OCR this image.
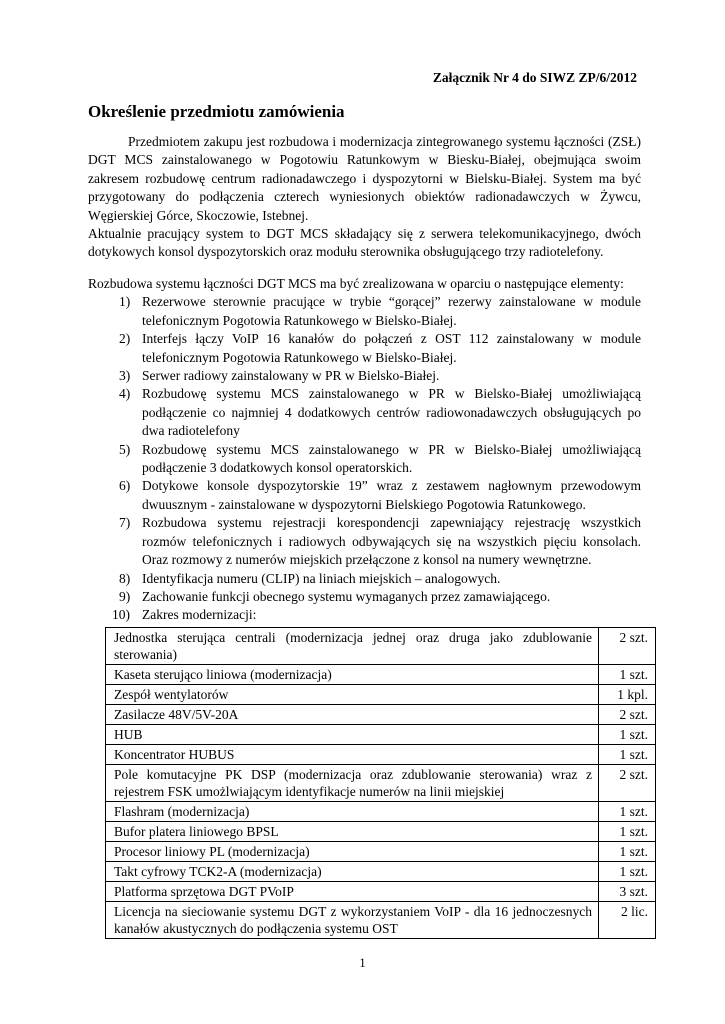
Załącznik Nr 4 do SIWZ ZP/6/2012
Określenie przedmiotu zamówienia
Przedmiotem zakupu jest rozbudowa i modernizacja zintegrowanego systemu łączności (ZSŁ) DGT MCS zainstalowanego w Pogotowiu Ratunkowym w Biesku-Białej, obejmująca swoim zakresem rozbudowę centrum radionadawczego i dyspozytorni w Bielsku-Białej. System ma być przygotowany do podłączenia czterech wyniesionych obiektów radionadawczych w Żywcu, Węgierskiej Górce, Skoczowie, Istebnej.
Aktualnie pracujący system to DGT MCS składający się z serwera telekomunikacyjnego, dwóch dotykowych konsol dyspozytorskich oraz modułu sterownika obsługującego trzy radiotelefony.
Rozbudowa systemu łączności DGT MCS ma być zrealizowana w oparciu o następujące elementy:
1) Rezerwowe sterownie pracujące w trybie “gorącej” rezerwy zainstalowane w module telefonicznym Pogotowia Ratunkowego w Bielsko-Białej.
2) Interfejs łączy VoIP 16 kanałów do połączeń z OST 112 zainstalowany w module telefonicznym Pogotowia Ratunkowego w Bielsko-Białej.
3) Serwer radiowy zainstalowany w PR w Bielsko-Białej.
4) Rozbudowę systemu MCS zainstalowanego w PR w Bielsko-Białej umożliwiającą podłączenie co najmniej 4 dodatkowych centrów radiowonadawczych obsługujących po dwa radiotelefony
5) Rozbudowę systemu MCS zainstalowanego w PR w Bielsko-Białej umożliwiającą podłączenie 3 dodatkowych konsol operatorskich.
6) Dotykowe konsole dyspozytorskie 19” wraz z zestawem nagłownym przewodowym dwuusznym - zainstalowane w dyspozytorni Bielskiego Pogotowia Ratunkowego.
7) Rozbudowa systemu rejestracji korespondencji zapewniający rejestrację wszystkich rozmów telefonicznych i radiowych odbywających się na wszystkich pięciu konsolach. Oraz rozmowy z numerów miejskich przełączone z konsol na numery wewnętrzne.
8) Identyfikacja numeru (CLIP) na liniach miejskich – analogowych.
9) Zachowanie funkcji obecnego systemu wymaganych przez zamawiającego.
10) Zakres modernizacji:
Jednostka sterująca centrali (modernizacja jednej oraz druga jako zdublowanie sterowania)	2 szt.
Kaseta sterująco liniowa (modernizacja)	1 szt.
Zespół wentylatorów	1 kpl.
Zasilacze 48V/5V-20A	2 szt.
HUB	1 szt.
Koncentrator HUBUS	1 szt.
Pole komutacyjne PK DSP (modernizacja oraz zdublowanie sterowania) wraz z rejestrem FSK umożlwiającym identyfikacje numerów na linii miejskiej	2 szt.
Flashram (modernizacja)	1 szt.
Bufor platera liniowego BPSL	1 szt.
Procesor liniowy PL (modernizacja)	1 szt.
Takt cyfrowy TCK2-A (modernizacja)	1 szt.
Platforma sprzętowa DGT PVoIP	3 szt.
Licencja na sieciowanie systemu DGT z wykorzystaniem VoIP - dla 16 jednoczesnych kanałów akustycznych do podłączenia systemu OST	2 lic.
1
